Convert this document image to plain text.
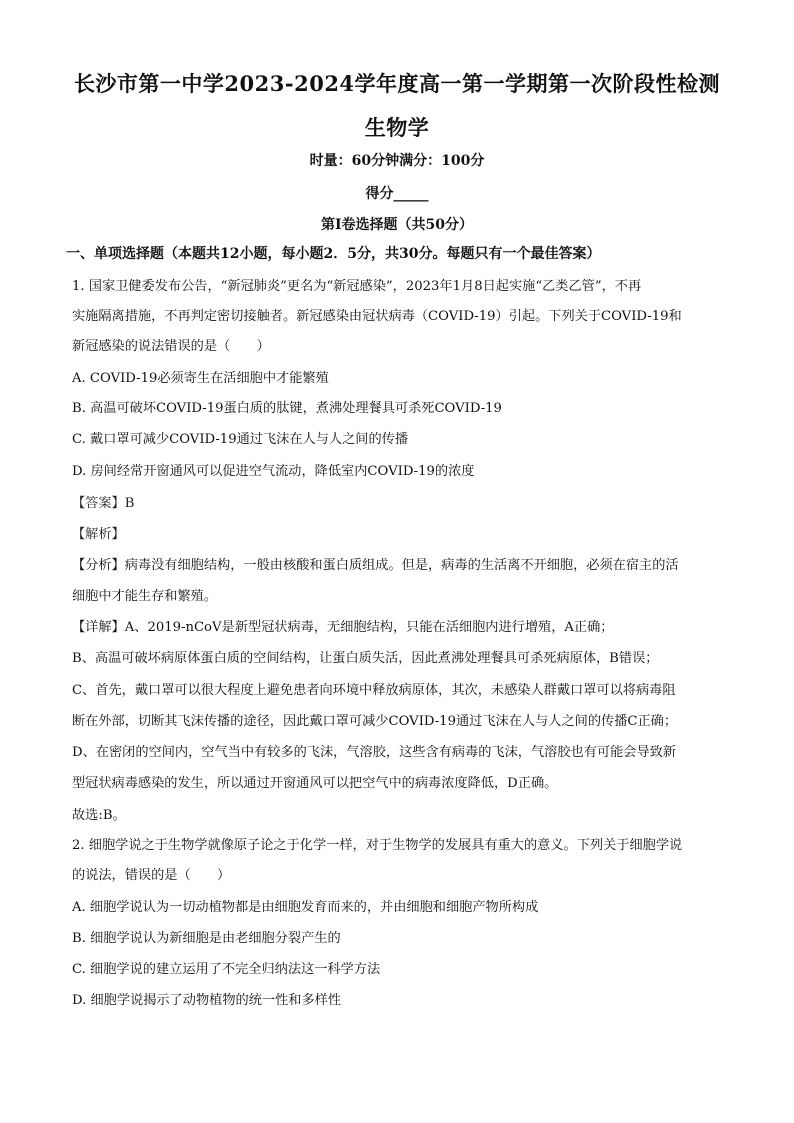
长沙市第一中学2023-2024学年度高一第一学期第一次阶段性检测
生物学
时量：60分钟满分：100分
得分_____
第I卷选择题（共50分）
一、单项选择题（本题共12小题，每小题2．5分，共30分。每题只有一个最佳答案）
1. 国家卫健委发布公告，“新冠肺炎”更名为“新冠感染”，2023年1月8日起实施“乙类乙管”，不再
实施隔离措施，不再判定密切接触者。新冠感染由冠状病毒（COVID-19）引起。下列关于COVID-19和
新冠感染的说法错误的是（　　）
A. COVID-19必须寄生在活细胞中才能繁殖
B. 高温可破坏COVID-19蛋白质的肽键，煮沸处理餐具可杀死COVID-19
C. 戴口罩可减少COVID-19通过飞沫在人与人之间的传播
D. 房间经常开窗通风可以促进空气流动，降低室内COVID-19的浓度
【答案】B
【解析】
【分析】病毒没有细胞结构，一般由核酸和蛋白质组成。但是，病毒的生活离不开细胞，必须在宿主的活
细胞中才能生存和繁殖。
【详解】A、2019-nCoV是新型冠状病毒，无细胞结构，只能在活细胞内进行增殖，A正确；
B、高温可破坏病原体蛋白质的空间结构，让蛋白质失活，因此煮沸处理餐具可杀死病原体，B错误；
C、首先，戴口罩可以很大程度上避免患者向环境中释放病原体，其次，未感染人群戴口罩可以将病毒阻
断在外部，切断其飞沫传播的途径，因此戴口罩可减少COVID-19通过飞沫在人与人之间的传播C正确；
D、在密闭的空间内，空气当中有较多的飞沫，气溶胶，这些含有病毒的飞沫，气溶胶也有可能会导致新
型冠状病毒感染的发生，所以通过开窗通风可以把空气中的病毒浓度降低，D正确。
故选:B。
2. 细胞学说之于生物学就像原子论之于化学一样，对于生物学的发展具有重大的意义。下列关于细胞学说
的说法，错误的是（　　）
A. 细胞学说认为一切动植物都是由细胞发育而来的，并由细胞和细胞产物所构成
B. 细胞学说认为新细胞是由老细胞分裂产生的
C. 细胞学说的建立运用了不完全归纳法这一科学方法
D. 细胞学说揭示了动物植物的统一性和多样性
